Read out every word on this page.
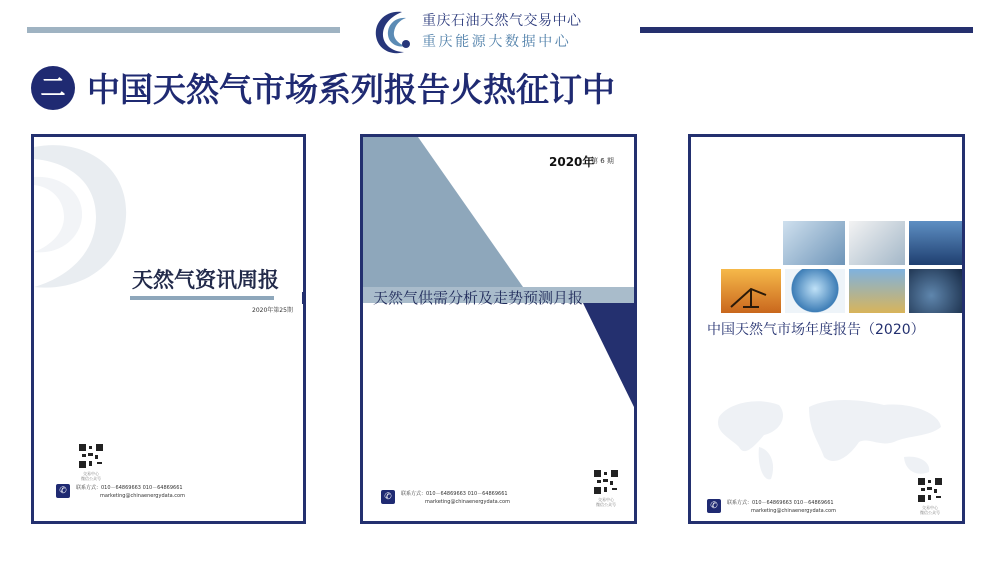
重庆石油天然气交易中心
重庆能源大数据中心
二 中国天然气市场系列报告火热征订中
天然气资讯周报
2020年第25期
交易中心
微信公众号
✆	联系方式：010－64869663 010－64869661
marketing@chinaenergydata.com
2020年
第 6 期
天然气供需分析及走势预测月报
交易中心
微信公众号
✆	联系方式：010－64869663 010－64869661
marketing@chinaenergydata.com
中国天然气市场年度报告（2020）
交易中心
微信公众号
✆	联系方式：010－64869663 010－64869661
marketing@chinaenergydata.com
